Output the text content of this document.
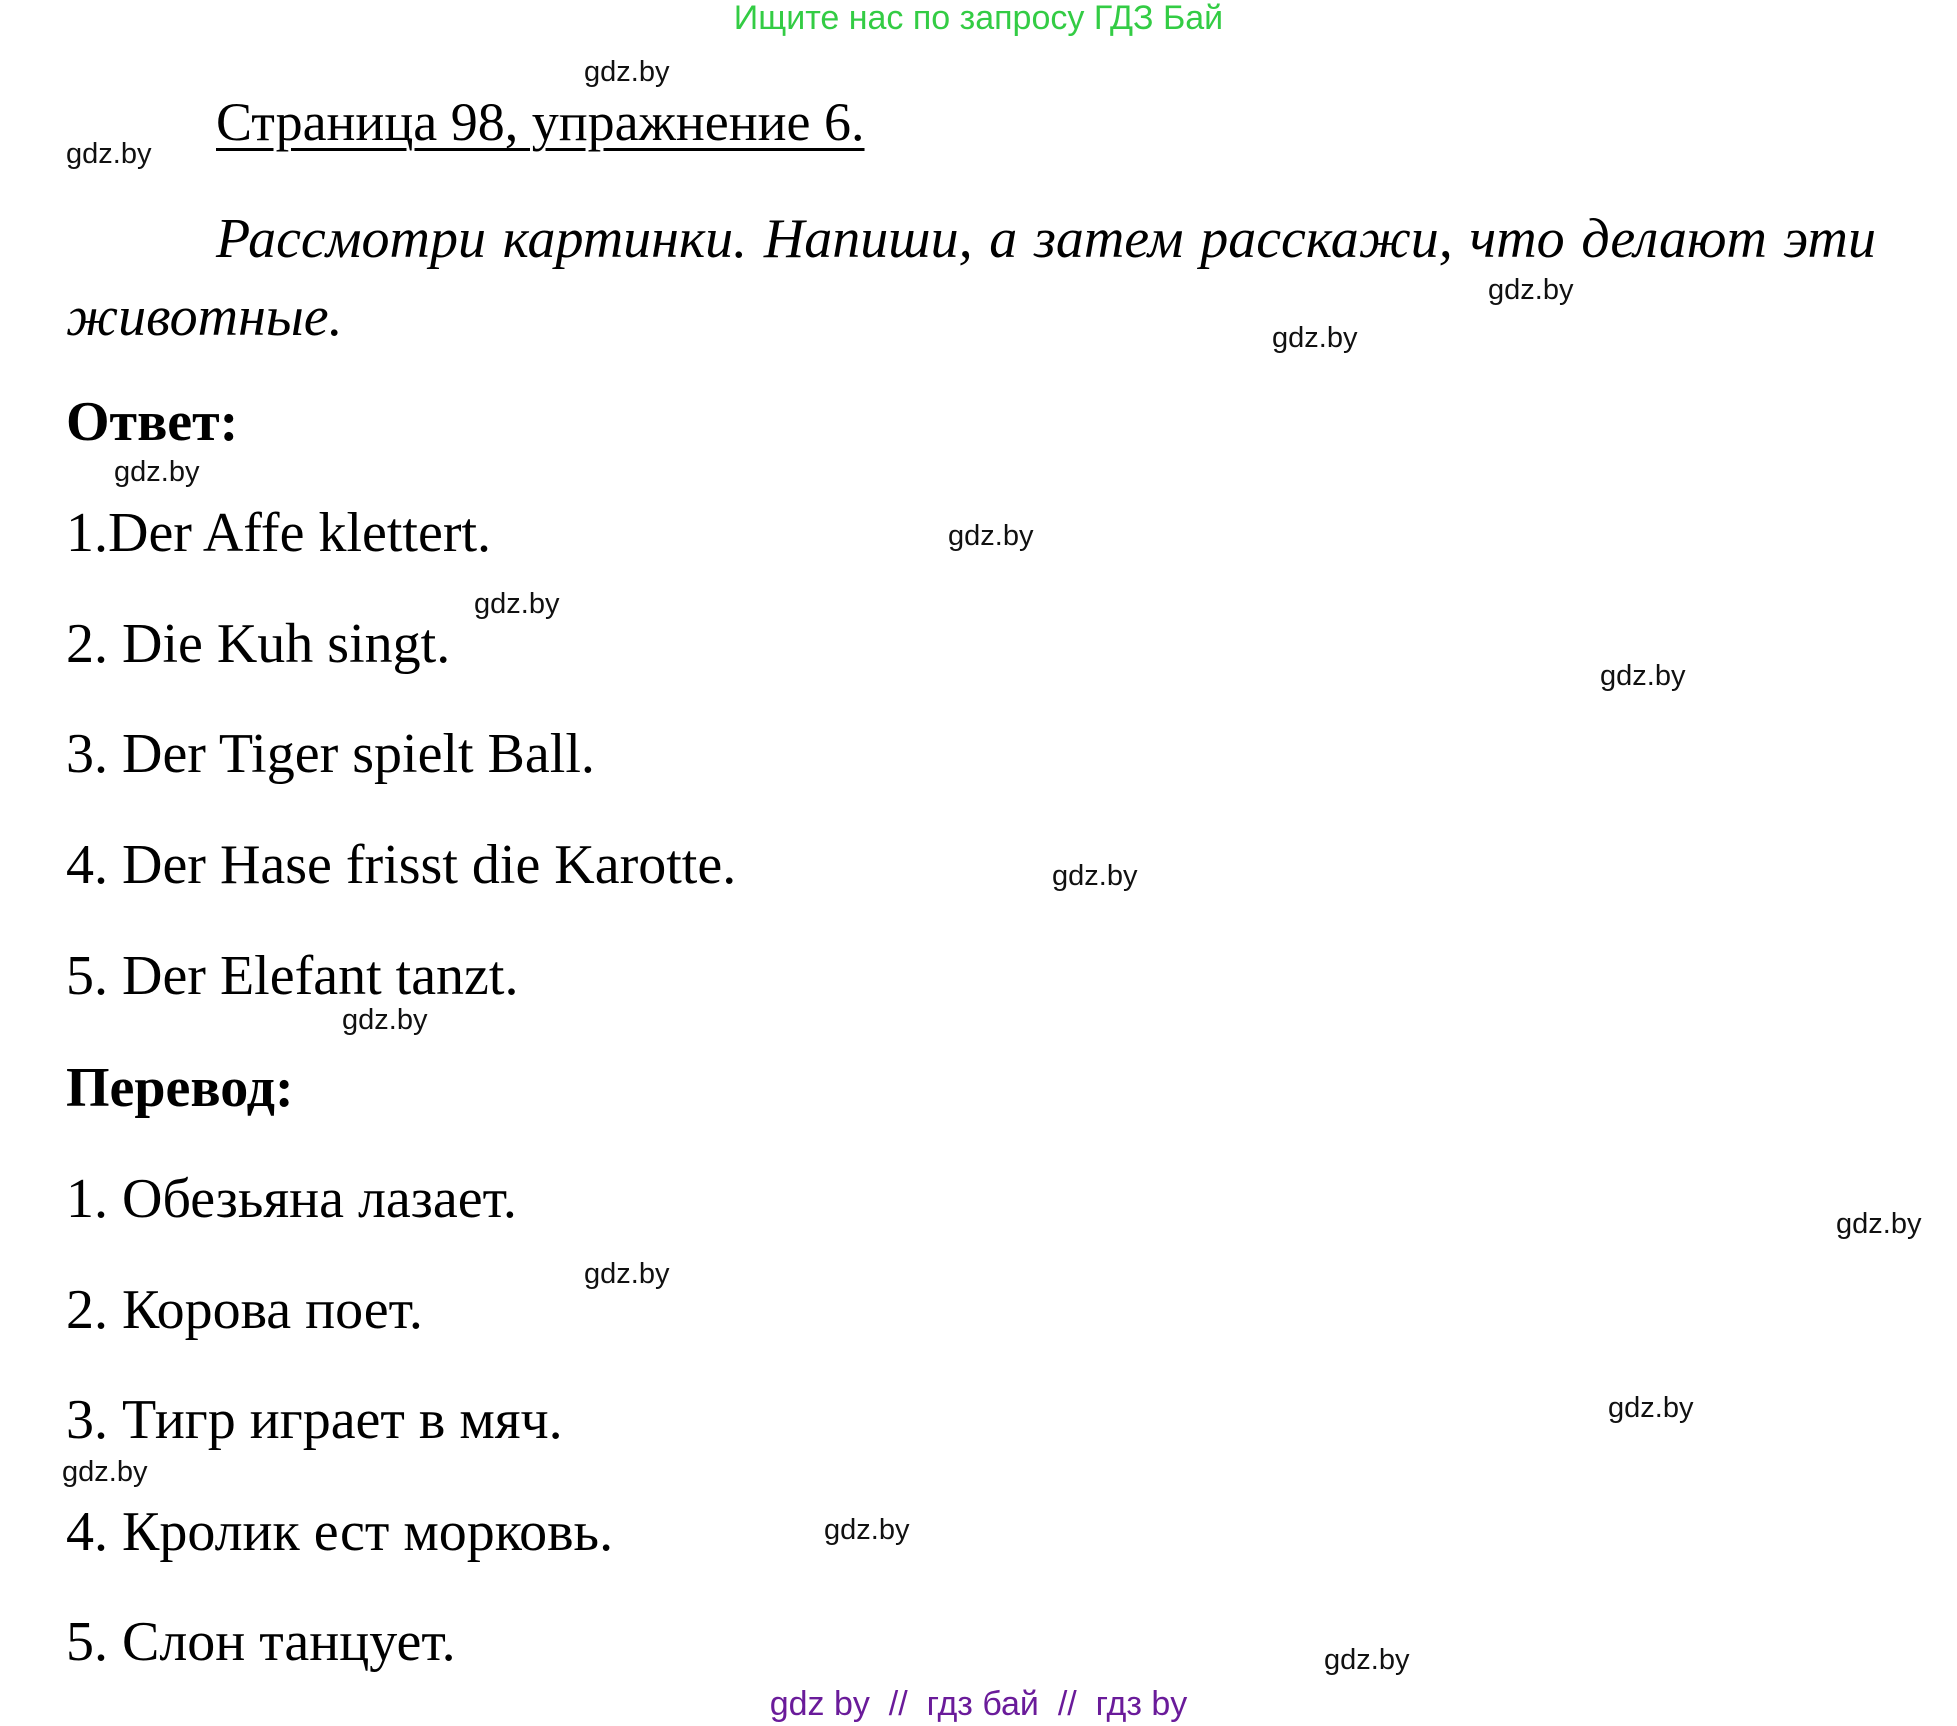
Ищите нас по запросу ГДЗ Бай
Страница 98, упражнение 6.

Рассмотри картинки. Напиши, а затем расскажи, что делают эти животные.

Ответ:
1.Der Affe klettert.
2. Die Kuh singt.
3. Der Tiger spielt Ball.
4. Der Hase frisst die Karotte.
5. Der Elefant tanzt.
Перевод:
1. Обезьяна лазает.
2. Корова поет.
3. Тигр играет в мяч.
4. Кролик ест морковь.
5. Слон танцует.
gdz.by
gdz.by
gdz.by
gdz.by
gdz.by
gdz.by
gdz.by
gdz.by
gdz.by
gdz.by
gdz.by
gdz.by
gdz.by
gdz.by
gdz.by
gdz.by
gdz by  //  гдз бай  //  гдз by
